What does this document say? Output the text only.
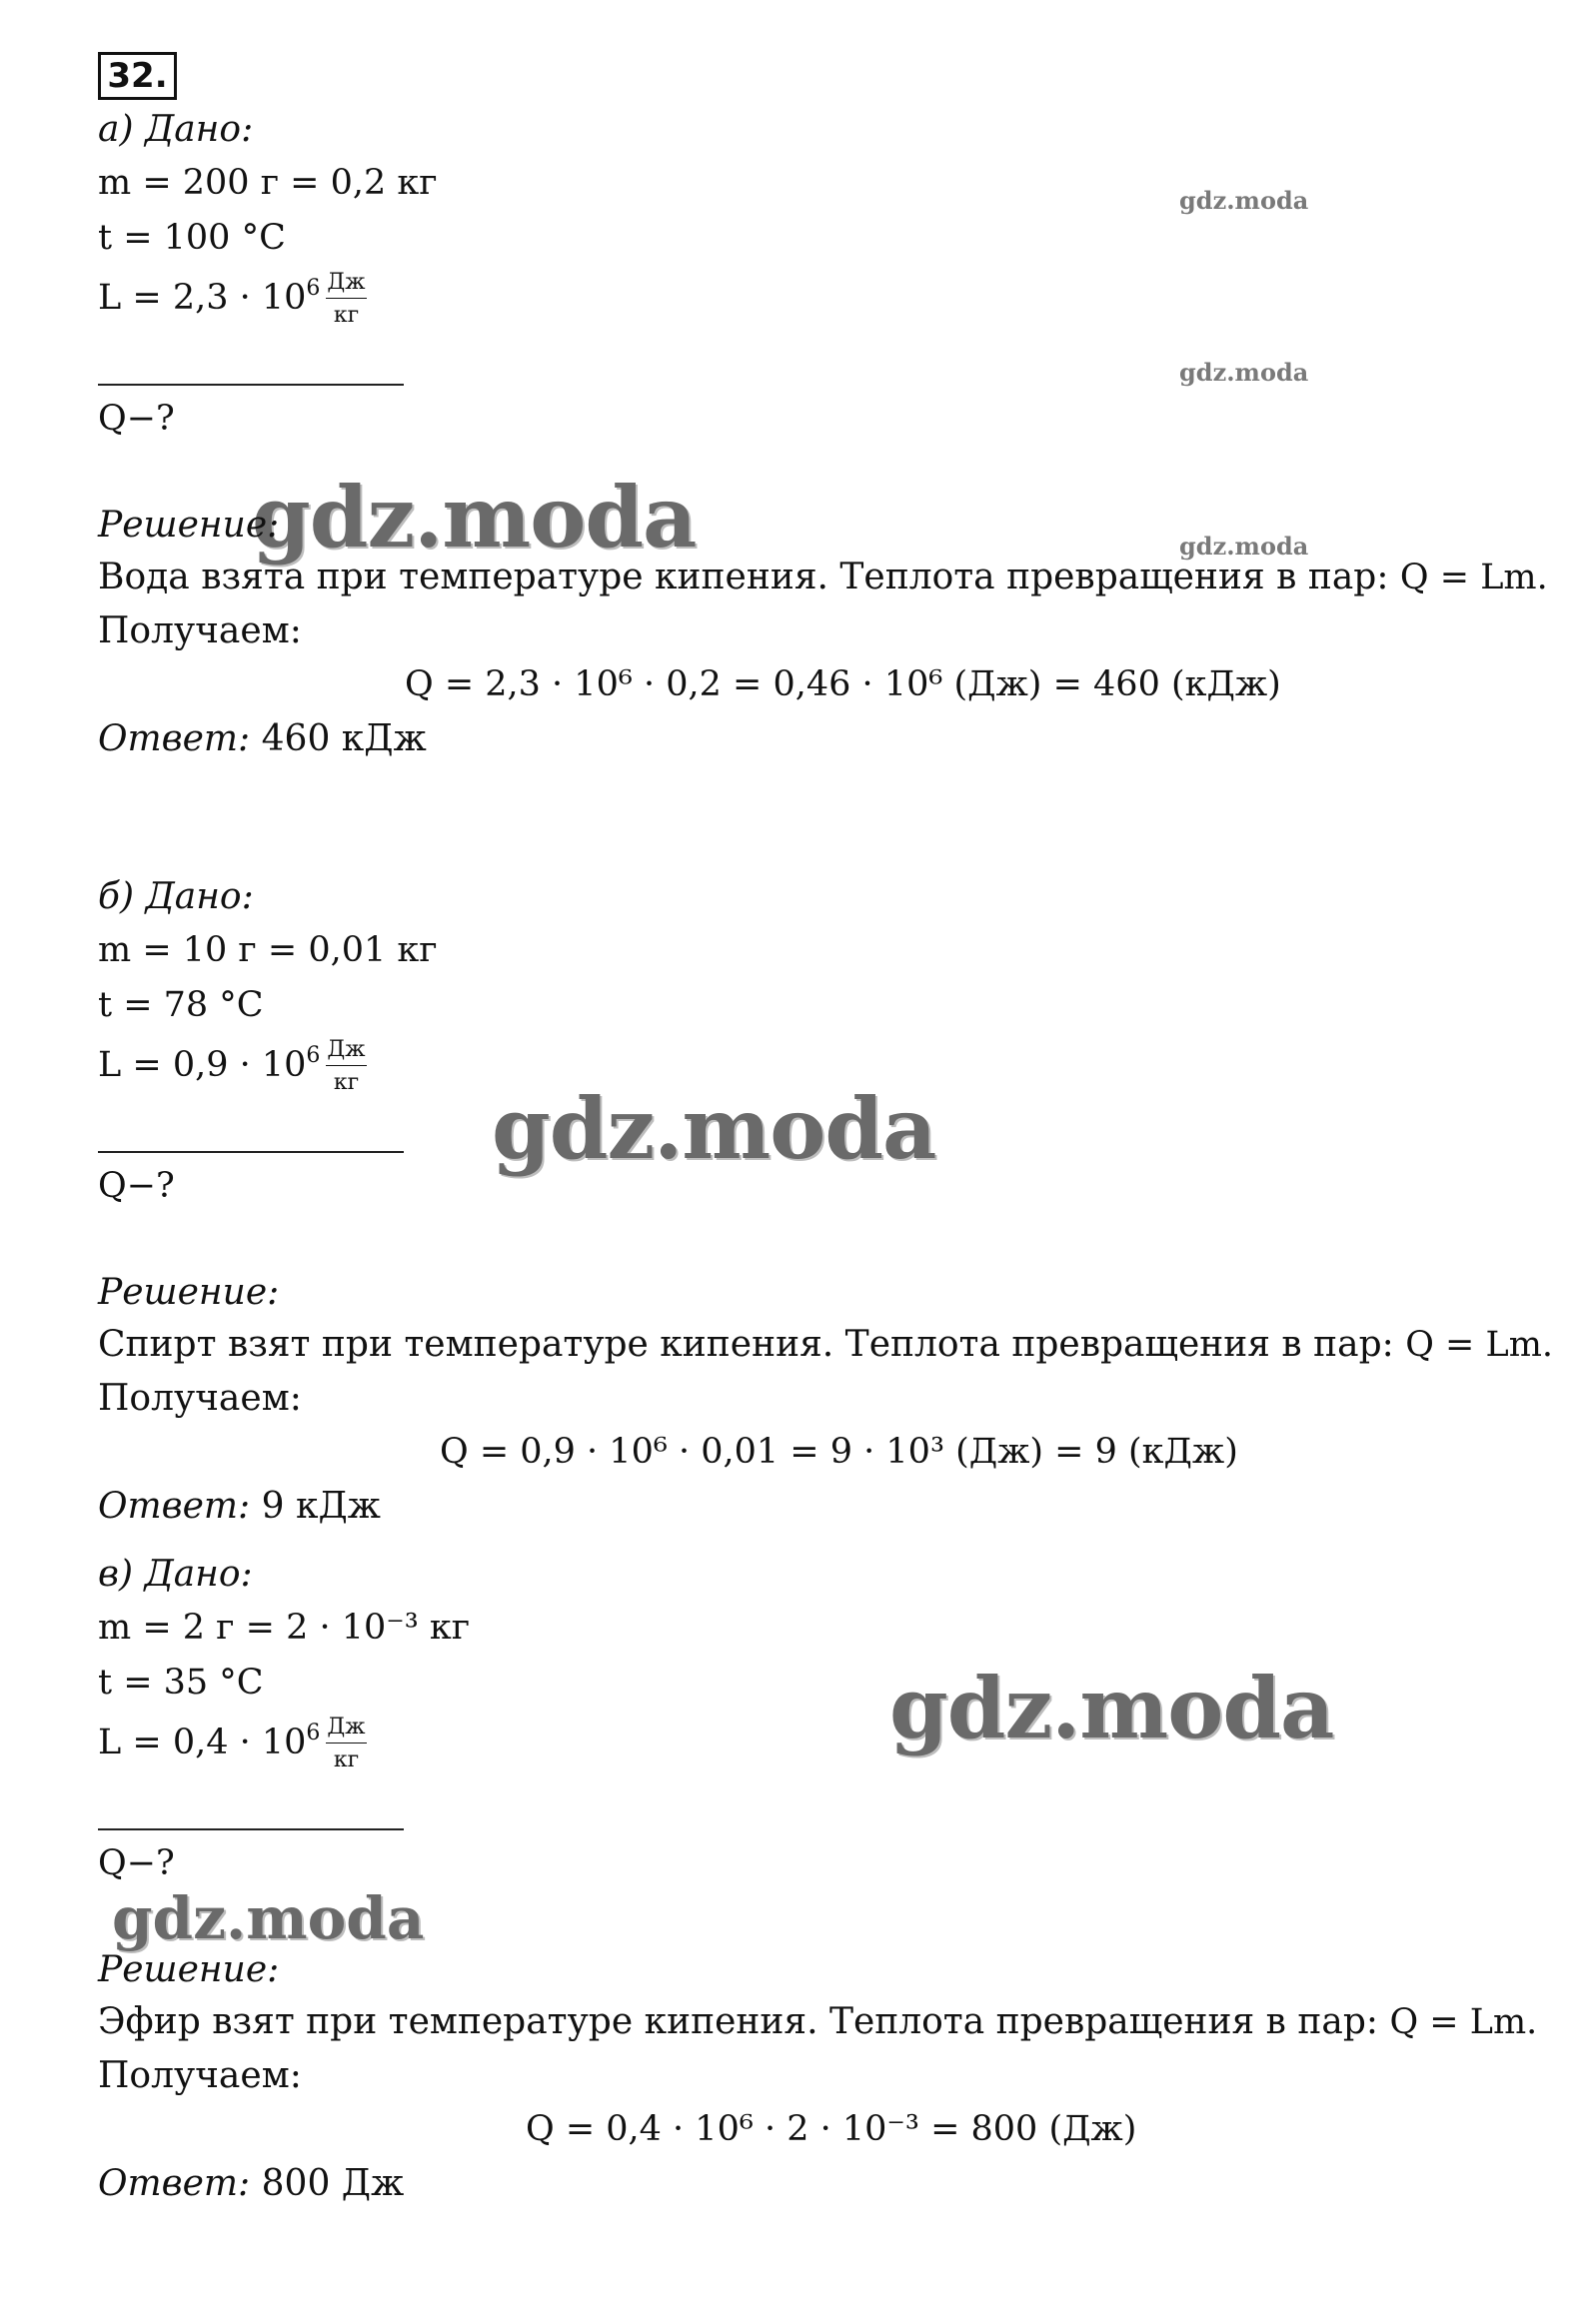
32.
gdz.moda
gdz.moda
gdz.moda
gdz.moda
gdz.moda
gdz.moda
gdz.moda
а) Дано:
m = 200 г = 0,2 кг
t = 100 °C
$L = 2,3 \cdot 10^6 \frac{Дж}{кг}$
Q−?
Решение:
Вода взята при температуре кипения. Теплота превращения в пар: Q = Lm.
Получаем:
Q = 2,3 · 10⁶ · 0,2 = 0,46 · 10⁶ (Дж) = 460 (кДж)
Ответ: 460 кДж
б) Дано:
m = 10 г = 0,01 кг
t = 78 °C
$L = 0,9 \cdot 10^6 \frac{Дж}{кг}$
Q−?
Решение:
Спирт взят при температуре кипения. Теплота превращения в пар: Q = Lm.
Получаем:
Q = 0,9 · 10⁶ · 0,01 = 9 · 10³ (Дж) = 9 (кДж)
Ответ: 9 кДж
в) Дано:
m = 2 г = 2 · 10⁻³ кг
t = 35 °C
$L = 0,4 \cdot 10^6 \frac{Дж}{кг}$
Q−?
Решение:
Эфир взят при температуре кипения. Теплота превращения в пар: Q = Lm.
Получаем:
Q = 0,4 · 10⁶ · 2 · 10⁻³ = 800 (Дж)
Ответ: 800 Дж
